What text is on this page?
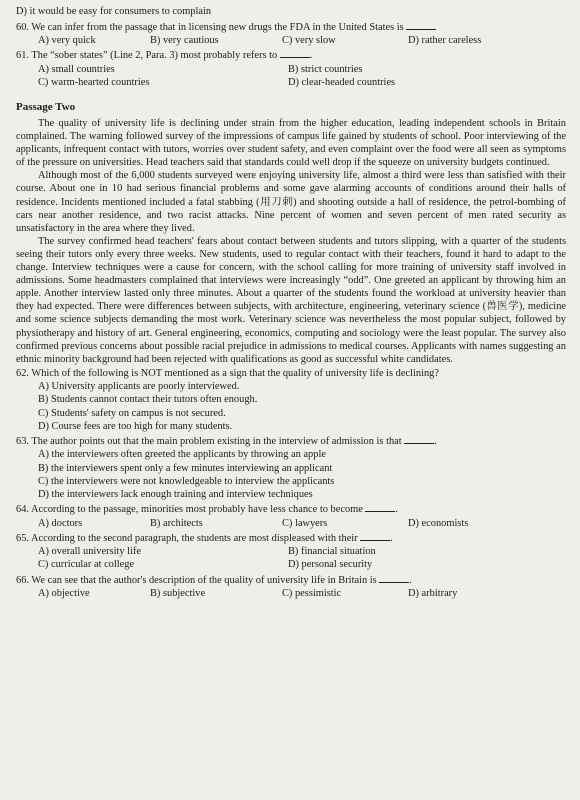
D) it would be easy for consumers to complain
60. We can infer from the passage that in licensing new drugs the FDA in the United States is
A) very quick	B) very cautious	C) very slow	D) rather careless
61. The “sober states” (Line 2, Para. 3) most probably refers to	.
A) small countries	B) strict countries
C) warm-hearted countries	D) clear-headed countries
Passage Two

The quality of university life is declining under strain from the higher education, leading independent schools in Britain complained. The warning followed survey of the impressions of campus life gained by students of school. Poor interviewing of the applicants, infrequent contact with tutors, worries over student safety, and even complaint over the food were all seen as symptoms of the pressure on universities. Head teachers said that standards could well drop if the squeeze on university budgets continued.

Although most of the 6,000 students surveyed were enjoying university life, almost a third were less than satisfied with their course. About one in 10 had serious financial problems and some gave alarming accounts of conditions around their halls of residence. Incidents mentioned included a fatal stabbing (用刀刺) and shooting outside a hall of residence, the petrol-bombing of cars near another residence, and two racist attacks. Nine percent of women and seven percent of men rated security as unsatisfactory in the area where they lived.

The survey confirmed head teachers' fears about contact between students and tutors slipping, with a quarter of the students seeing their tutors only every three weeks. New students, used to regular contact with their teachers, found it hard to adapt to the change. Interview techniques were a cause for concern, with the school calling for more training of university staff involved in admissions. Some headmasters complained that interviews were increasingly “odd”. One greeted an applicant by throwing him an apple. Another interview lasted only three minutes. About a quarter of the students found the workload at university heavier than they had expected. There were differences between subjects, with architecture, engineering, veterinary science (兽医学), medicine and some science subjects demanding the most work. Veterinary science was nevertheless the most popular subject, followed by physiotherapy and history of art. General engineering, economics, computing and sociology were the least popular. The survey also confirmed previous concerns about possible racial prejudice in admissions to medical courses. Applicants with names suggesting an ethnic minority background had been rejected with qualifications as good as successful white candidates.

62. Which of the following is NOT mentioned as a sign that the quality of university life is declining?
A) University applicants are poorly interviewed.
B) Students cannot contact their tutors often enough.
C) Students' safety on campus is not secured.
D) Course fees are too high for many students.
63. The author points out that the main problem existing in the interview of admission is that	.
A) the interviewers often greeted the applicants by throwing an apple
B) the interviewers spent only a few minutes interviewing an applicant
C) the interviewers were not knowledgeable to interview the applicants
D) the interviewers lack enough training and interview techniques
64. According to the passage, minorities most probably have less chance to become	.
A) doctors	B) architects	C) lawyers	D) economists
65. According to the second paragraph, the students are most displeased with their	.
A) overall university life	B) financial situation
C) curricular at college	D) personal security
66. We can see that the author's description of the quality of university life in Britain is	.
A) objective	B) subjective	C) pessimistic	D) arbitrary
